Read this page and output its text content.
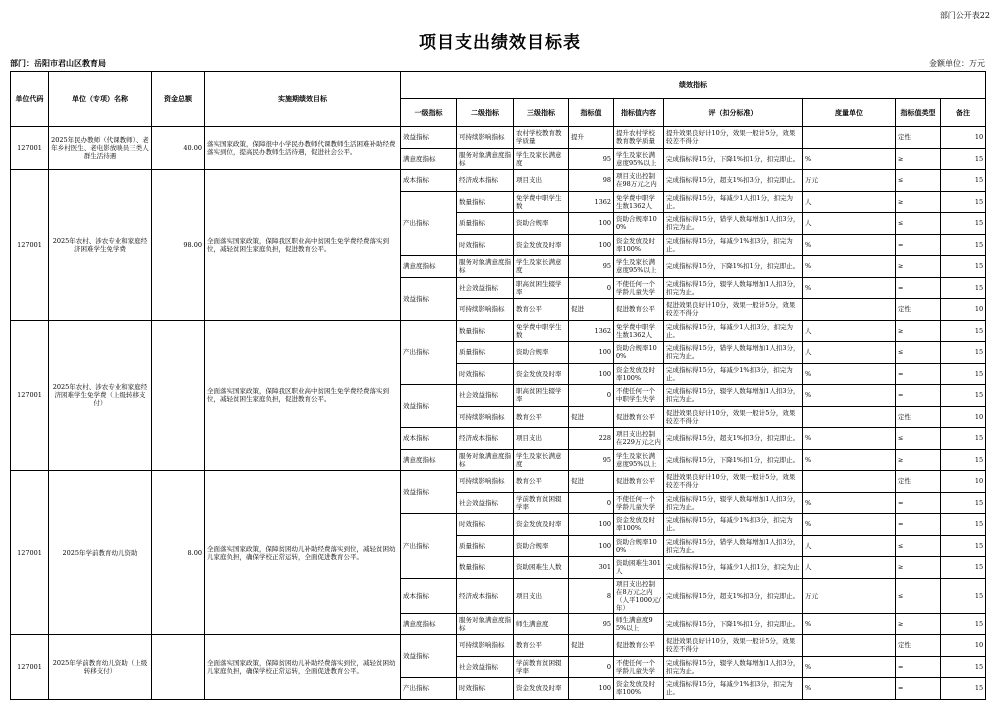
部门公开表22
项目支出绩效目标表
部门：岳阳市君山区教育局	金额单位：万元
单位代码	单位（专项）名称	资金总额	实施期绩效目标	绩效指标								
				一级指标	二级指标	三级指标	指标值	指标值内容	评（扣分标准）	度量单位	指标值类型	备注
127001	2025年民办教师（代课教师）、老年乡村医生、老电影放映员三类人群生活待遇	40.00	落实国家政策，保障很中小学民办教师代课教师生活困难补助经费落实到位，提高民办教师生活待遇，促进社会公平。	效益指标	可持续影响指标	农村学校教育教学质量	提升	提升农村学校教育教学质量	提升效果良好计10分，效果一般计5分，效果较差不得分		定性	10
				满意度指标	服务对象满意度指标	学生及家长满意度	95	学生及家长满意度95%以上	完成指标得15分，下降1%扣1分，扣完即止。	%	≥	15
127001	2025年农村、涉农专业和家庭经济困难学生免学费	98.00	全面落实国家政策，保障我区职业高中贫困生免学费经费落实到位，减轻贫困生家庭负担，促进教育公平。	成本指标	经济成本指标	项目支出	98	项目支出控制在98万元之内	完成指标得15分，超支1%扣3分，扣完即止。	万元	≤	15
				产出指标	数量指标	免学费中职学生数	1362	免学费中职学生数1362人	完成指标得15分，每减少1人扣1分，扣完为止。	人	≥	15
					质量指标	资助合规率	100	资助合规率100%	完成指标得15分，错学人数每增加1人扣3分，扣完为止。	人	≤	15
					时效指标	资金发放及时率	100	资金发放及时率100%	完成指标得15分，每减少1%扣3分，扣完为止。	%	=	15
				满意度指标	服务对象满意度指标	学生及家长满意度	95	学生及家长满意度95%以上	完成指标得15分，下降1%扣1分，扣完即止。	%	≥	15
				效益指标	社会效益指标	职高贫困生辍学率	0	不使任何一个学龄儿童失学	完成指标得15分，辍学人数每增加1人扣3分，扣完为止。	%	=	15
					可持续影响指标	教育公平	促进	促进教育公平	促进效果良好计10分，效果一般计5分，效果较差不得分		定性	10
127001	2025年农村、涉农专业和家庭经济困难学生免学费（上级转移支付）		全面落实国家政策，保障我区职业高中贫困生免学费经费落实到位，减轻贫困生家庭负担，促进教育公平。	产出指标	数量指标	免学费中职学生数	1362	免学费中职学生数1362人	完成指标得15分，每减少1人扣3分，扣完为止。	人	≥	15
					质量指标	资助合规率	100	资助合规率100%	完成指标得15分，错学人数每增加1人扣3分，扣完为止。	人	≤	15
					时效指标	资金发放及时率	100	资金发放及时率100%	完成指标得15分，每减少1%扣3分，扣完为止。	%	=	15
				效益指标	社会效益指标	职高贫困生辍学率	0	不使任何一个中职学生失学	完成指标得15分，辍学人数每增加1人扣3分，扣完为止。	%	=	15
					可持续影响指标	教育公平	促进	促进教育公平	促进效果良好计10分，效果一般计5分，效果较差不得分		定性	10
				成本指标	经济成本指标	项目支出	228	项目支出控制在229万元之内	完成指标得15分，超支1%扣3分，扣完即止。	%	≤	15
				满意度指标	服务对象满意度指标	学生及家长满意度	95	学生及家长满意度95%以上	完成指标得15分，下降1%扣1分，扣完即止。	%	≥	15
127001	2025年学前教育幼儿资助	8.00	全面落实国家政策，保障贫困幼儿补助经费落实到位，减轻贫困幼儿家庭负担，确保学校正常运转，全面促进教育公平。	效益指标	可持续影响指标	教育公平	促进	促进教育公平	促进效果良好计10分，效果一般计5分，效果较差不得分		定性	10
					社会效益指标	学前教育贫困辍学率	0	不使任何一个学龄儿童失学	完成指标得15分，辍学人数每增加1人扣3分，扣完为止。	%	=	15
				产出指标	时效指标	资金发放及时率	100	资金发放及时率100%	完成指标得15分，每减少1%扣3分，扣完为止。	%	=	15
					质量指标	资助合规率	100	资助合规率100%	完成指标得15分，错学人数每增加1人扣3分，扣完为止。	人	≤	15
					数量指标	资助困难生人数	301	资助困难生301人	完成指标得15分，每减少1人扣1分，扣完为止	人	≥	15
				成本指标	经济成本指标	项目支出	8	项目支出控制在8万元之内（人平1000元/年）	完成指标得15分，超支1%扣3分，扣完即止。	万元	≤	15
				满意度指标	服务对象满意度指标	师生满意度	95	师生满意度95%以上	完成指标得15分，下降1%扣1分，扣完即止。	%	≥	15
127001	2025年学前教育幼儿资助（上级转移支付）		全面落实国家政策，保障贫困幼儿补助经费落实到位，减轻贫困幼儿家庭负担，确保学校正常运转，全面促进教育公平。	效益指标	可持续影响指标	教育公平	促进	促进教育公平	促进效果良好计10分，效果一般计5分，效果较差不得分		定性	10
					社会效益指标	学前教育贫困辍学率	0	不使任何一个学龄儿童失学	完成指标得15分，辍学人数每增加1人扣3分，扣完为止。	%	=	15
				产出指标	时效指标	资金发放及时率	100	资金发放及时率100%	完成指标得15分，每减少1%扣3分，扣完为止。	%	=	15
